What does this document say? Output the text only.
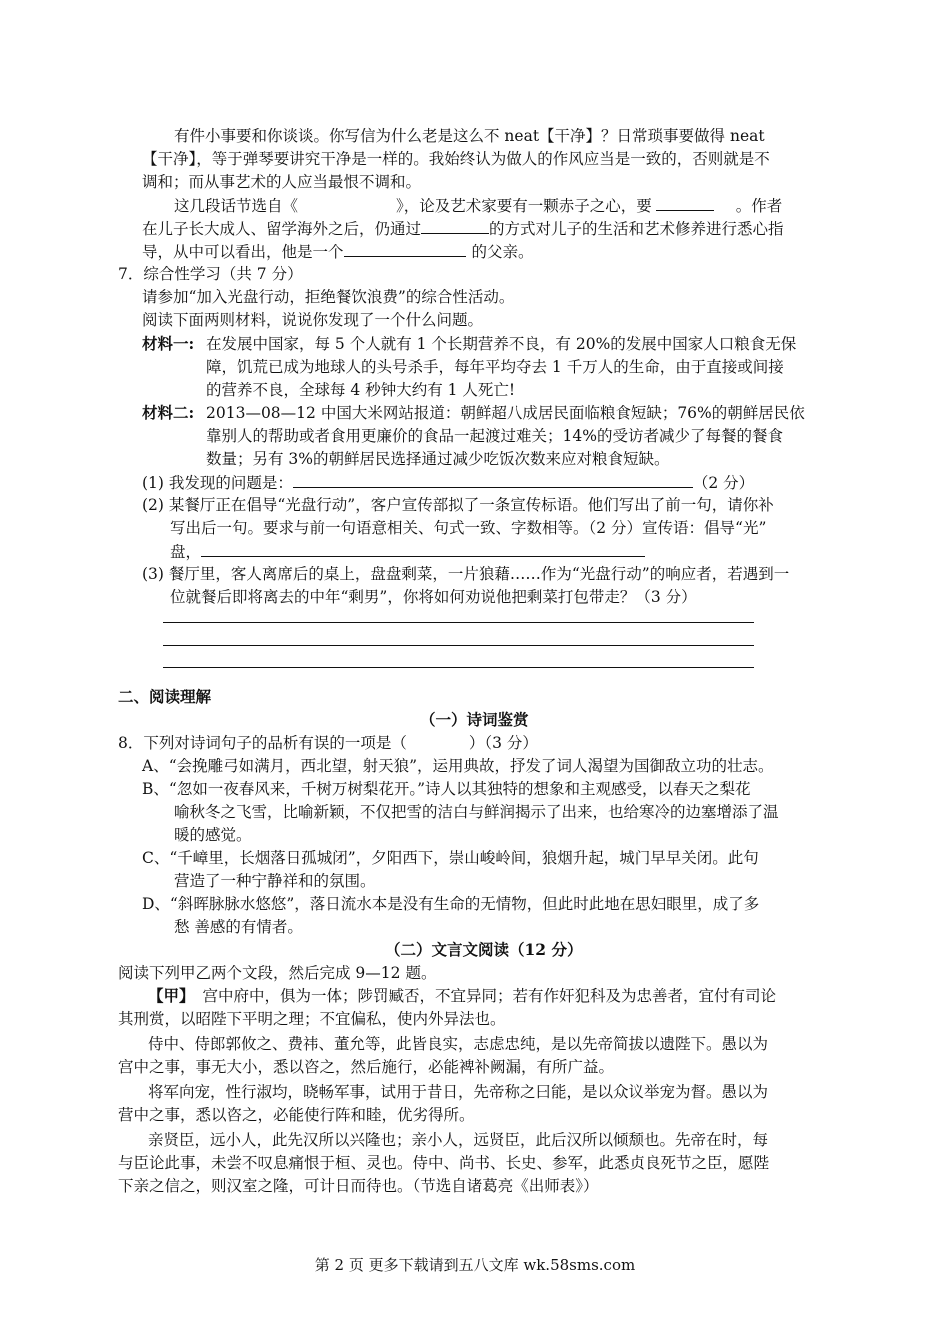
有件小事要和你谈谈。你写信为什么老是这么不 neat【干净】？日常琐事要做得 neat
【干净】，等于弹琴要讲究干净是一样的。我始终认为做人的作风应当是一致的，否则就是不
调和；而从事艺术的人应当最恨不调和。
这几段话节选自《	》，论及艺术家要有一颗赤子之心，要	。作者
在儿子长大成人、留学海外之后，仍通过	的方式对儿子的生活和艺术修养进行悉心指
导，从中可以看出，他是一个	的父亲。
7．综合性学习（共 7 分）
请参加“加入光盘行动，拒绝餐饮浪费”的综合性活动。
阅读下面两则材料，说说你发现了一个什么问题。
材料一: 在发展中国家，每 5 个人就有 1 个长期营养不良，有 20%的发展中国家人口粮食无保
障，饥荒已成为地球人的头号杀手，每年平均夺去 1 千万人的生命，由于直接或间接
的营养不良，全球每 4 秒钟大约有 1 人死亡!
材料二: 2013—08—12 中国大米网站报道：朝鲜超八成居民面临粮食短缺；76%的朝鲜居民依
靠别人的帮助或者食用更廉价的食品一起渡过难关；14%的受访者减少了每餐的餐食
数量；另有 3%的朝鲜居民选择通过减少吃饭次数来应对粮食短缺。
(1) 我发现的问题是：	（2 分）
(2) 某餐厅正在倡导“光盘行动”，客户宣传部拟了一条宣传标语。他们写出了前一句，请你补
写出后一句。要求与前一句语意相关、句式一致、字数相等。（2 分）宣传语：倡导“光”
盘，
(3) 餐厅里，客人离席后的桌上，盘盘剩菜，一片狼藉……作为“光盘行动”的响应者，若遇到一
位就餐后即将离去的中年“剩男”，你将如何劝说他把剩菜打包带走？（3 分）
二、阅读理解
（一）诗词鉴赏
8．下列对诗词句子的品析有误的一项是（	）（3 分）
A、“会挽雕弓如满月，西北望，射天狼”，运用典故，抒发了词人渴望为国御敌立功的壮志。
B、“忽如一夜春风来，千树万树梨花开。”诗人以其独特的想象和主观感受，以春天之梨花
喻秋冬之飞雪，比喻新颖，不仅把雪的洁白与鲜润揭示了出来，也给寒冷的边塞增添了温
暖的感觉。
C、“千嶂里，长烟落日孤城闭”，夕阳西下，崇山峻岭间，狼烟升起，城门早早关闭。此句
营造了一种宁静祥和的氛围。
D、“斜晖脉脉水悠悠”，落日流水本是没有生命的无情物，但此时此地在思妇眼里，成了多
愁 善感的有情者。
（二）文言文阅读（12 分）
阅读下列甲乙两个文段，然后完成 9—12 题。
【甲】 宫中府中，俱为一体；陟罚臧否，不宜异同；若有作奸犯科及为忠善者，宜付有司论
其刑赏，以昭陛下平明之理；不宜偏私，使内外异法也。
侍中、侍郎郭攸之、费祎、董允等，此皆良实，志虑忠纯，是以先帝简拔以遗陛下。愚以为
宫中之事，事无大小，悉以咨之，然后施行，必能裨补阙漏，有所广益。
将军向宠，性行淑均，晓畅军事，试用于昔日，先帝称之曰能，是以众议举宠为督。愚以为
营中之事，悉以咨之，必能使行阵和睦，优劣得所。
亲贤臣，远小人，此先汉所以兴隆也；亲小人，远贤臣，此后汉所以倾颓也。先帝在时，每
与臣论此事，未尝不叹息痛恨于桓、灵也。侍中、尚书、长史、参军，此悉贞良死节之臣，愿陛
下亲之信之，则汉室之隆，可计日而待也。（节选自诸葛亮《出师表》）
第 2 页 更多下载请到五八文库 wk.58sms.com
